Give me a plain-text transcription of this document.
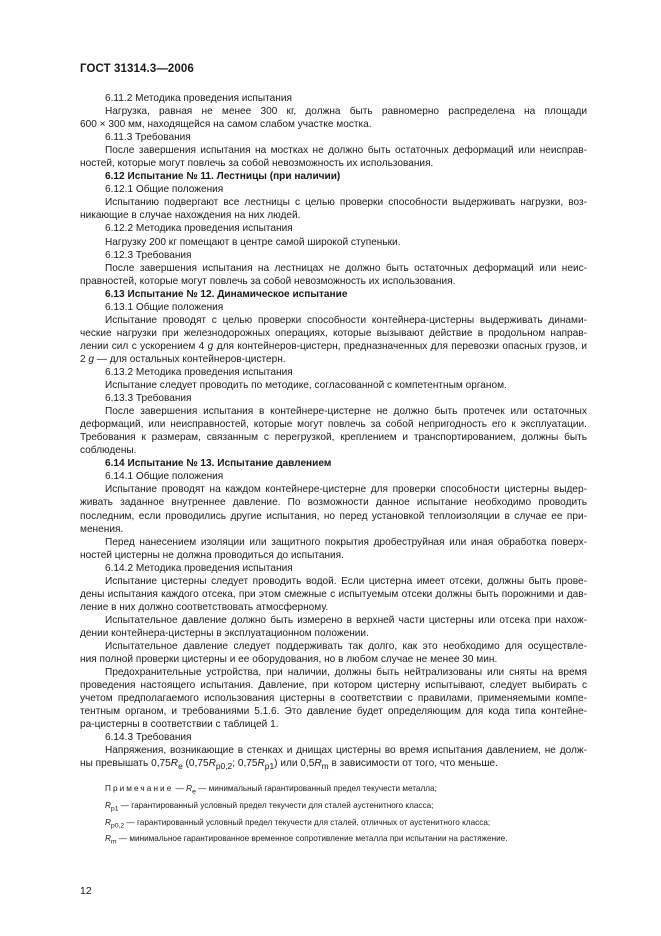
ГОСТ 31314.3—2006
6.11.2 Методика проведения испытания
Нагрузка, равная не менее 300 кг, должна быть равномерно распределена на площади
600 × 300 мм, находящейся на самом слабом участке мостка.
6.11.3 Требования
После завершения испытания на мостках не должно быть остаточных деформаций или неиспрaв-
ностей, которые могут повлечь за собой невозможность их использования.
6.12 Испытание № 11. Лестницы (при наличии)
6.12.1 Общие положения
Испытанию подвергают все лестницы с целью проверки способности выдерживать нагрузки, воз-
никающие в случае нахождения на них людей.
6.12.2 Методика проведения испытания
Нагрузку 200 кг помещают в центре самой широкой ступеньки.
6.12.3 Требования
После завершения испытания на лестницах не должно быть остаточных деформаций или неис-
правностей, которые могут повлечь за собой невозможность их использования.
6.13 Испытание № 12. Динамическое испытание
6.13.1 Общие положения
Испытание проводят с целью проверки способности контейнера-цистерны выдерживать динами-
ческие нагрузки при железнодорожных операциях, которые вызывают действие в продольном направ-
лении сил с ускорением 4 g для контейнеров-цистерн, предназначенных для перевозки опасных грузов, и
2 g — для остальных контейнеров-цистерн.
6.13.2 Методика проведения испытания
Испытание следует проводить по методике, согласованной с компетентным органом.
6.13.3 Требования
После завершения испытания в контейнере-цистерне не должно быть протечек или остаточных
деформаций, или неисправностей, которые могут повлечь за собой непригодность его к эксплуатации.
Требования к размерам, связанным с перегрузкой, креплением и транспортированием, должны быть
соблюдены.
6.14 Испытание № 13. Испытание давлением
6.14.1 Общие положения
Испытание проводят на каждом контейнере-цистерне для проверки способности цистерны выдер-
живать заданное внутреннее давление. По возможности данное испытание необходимо проводить
последним, если проводились другие испытания, но перед установкой теплоизоляции в случае ее при-
менения.
Перед нанесением изоляции или защитного покрытия дробеструйная или иная обработка поверх-
ностей цистерны не должна проводиться до испытания.
6.14.2 Методика проведения испытания
Испытание цистерны следует проводить водой. Если цистерна имеет отсеки, должны быть прове-
дены испытания каждого отсека, при этом смежные с испытуемым отсеки должны быть порожними и дав-
ление в них должно соответствовать атмосферному.
Испытательное давление должно быть измерено в верхней части цистерны или отсека при нахож-
дении контейнера-цистерны в эксплуатационном положении.
Испытательное давление следует поддерживать так долго, как это необходимо для осуществле-
ния полной проверки цистерны и ее оборудования, но в любом случае не менее 30 мин.
Предохранительные устройства, при наличии, должны быть нейтрализованы или сняты на время
проведения настоящего испытания. Давление, при котором цистерну испытывают, следует выбирать с
учетом предполагаемого использования цистерны в соответствии с правилами, применяемыми компе-
тентным органом, и требованиями 5.1.6. Это давление будет определяющим для кода типа контейне-
ра-цистерны в соответствии с таблицей 1.
6.14.3 Требования
Напряжения, возникающие в стенках и днищах цистерны во время испытания давлением, не долж-
ны превышать $0,75R_e$ ($0,75R_{p0,2}$; $0,75R_{p1}$) или $0,5R_m$ в зависимости от того, что меньше.
Примечание — $R_e$ — минимальный гарантированный предел текучести металла;
$R_{p1}$ — гарантированный условный предел текучести для сталей аустенитного класса;
$R_{p0,2}$ — гарантированный условный предел текучести для сталей, отличных от аустенитного класса;
$R_m$ — минимальное гарантированное временное сопротивление металла при испытании на растяжение.
12
